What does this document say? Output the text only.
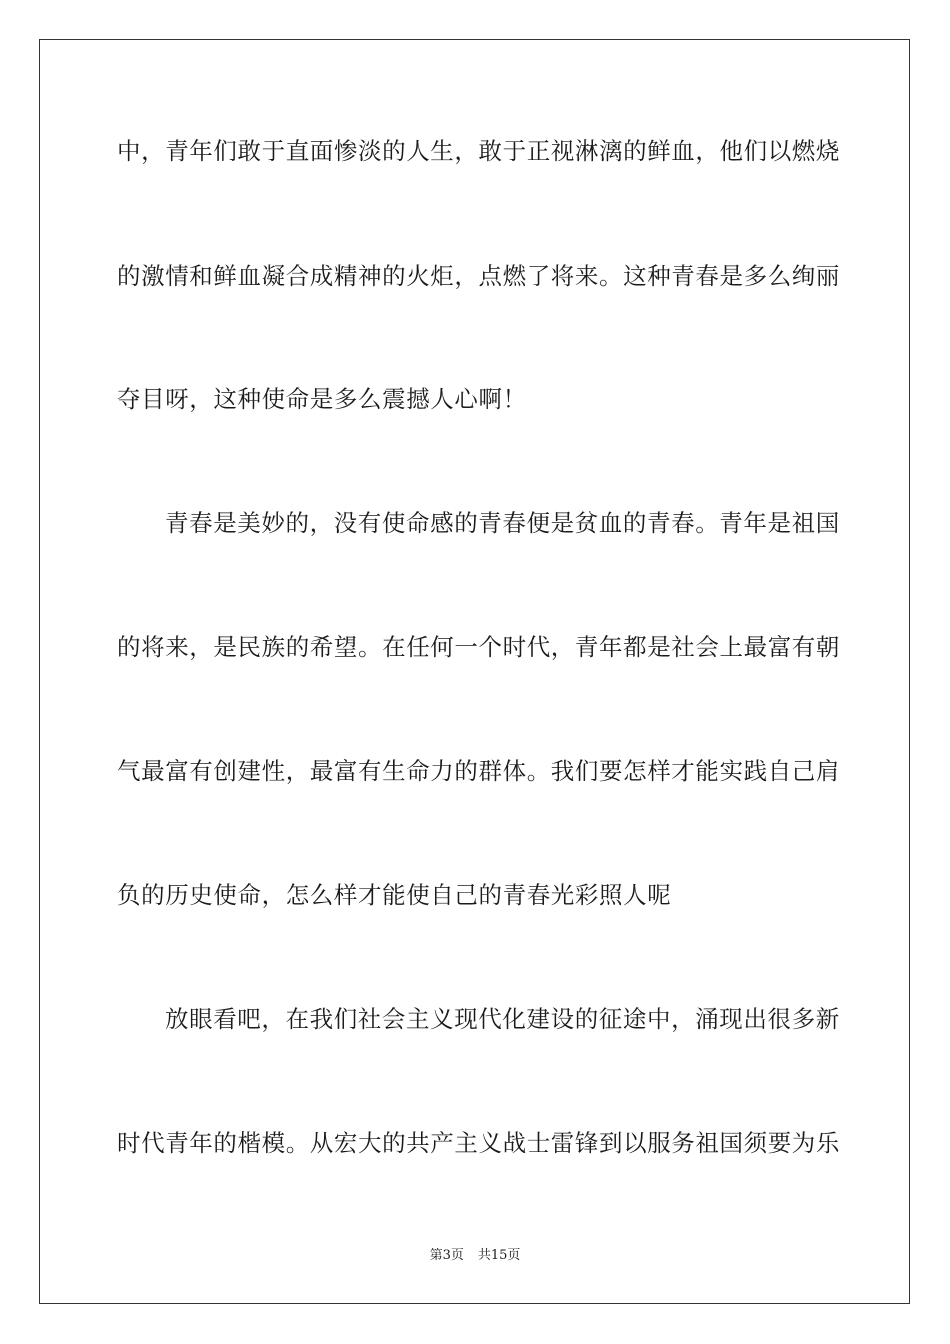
中，青年们敢于直面惨淡的人生，敢于正视淋漓的鲜血，他们以燃烧
的激情和鲜血凝合成精神的火炬，点燃了将来。这种青春是多么绚丽
夺目呀，这种使命是多么震撼人心啊！
青春是美妙的，没有使命感的青春便是贫血的青春。青年是祖国
的将来，是民族的希望。在任何一个时代，青年都是社会上最富有朝
气最富有创建性，最富有生命力的群体。我们要怎样才能实践自己肩
负的历史使命，怎么样才能使自己的青春光彩照人呢
放眼看吧，在我们社会主义现代化建设的征途中，涌现出很多新
时代青年的楷模。从宏大的共产主义战士雷锋到以服务祖国须要为乐
第3页 共15页
